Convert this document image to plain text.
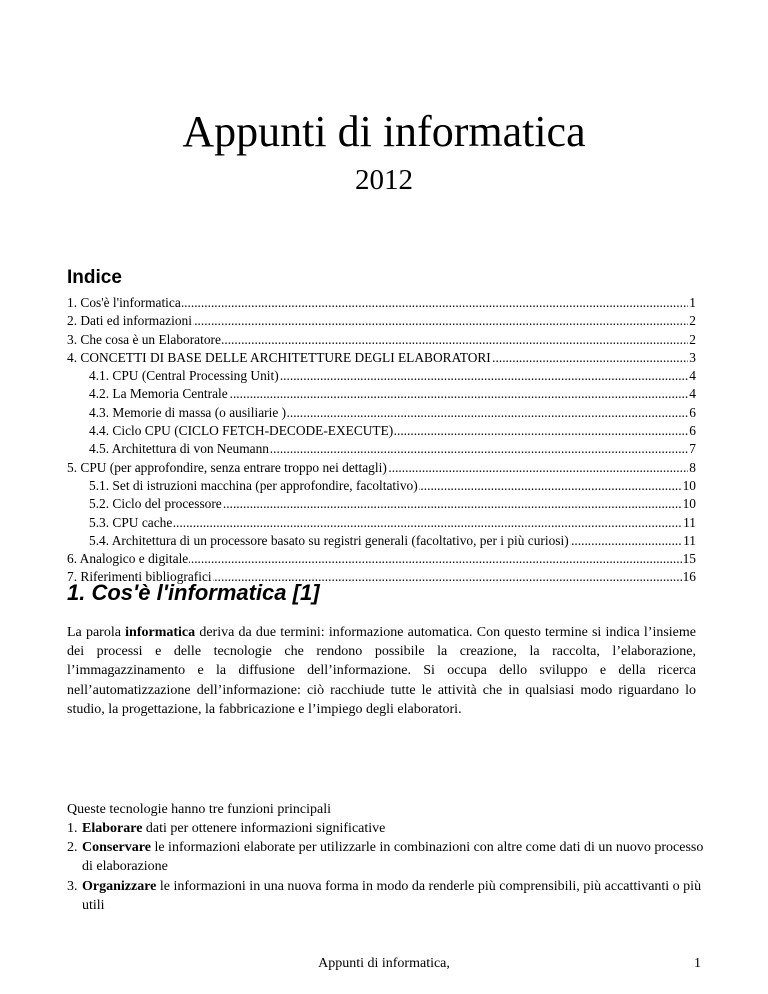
Appunti di informatica
2012
Indice
.....
1. Cos'è l'informatica	1
.....
2. Dati ed informazioni	2
.....
3. Che cosa è un Elaboratore	2
.....
4. CONCETTI DI BASE DELLE ARCHITETTURE DEGLI ELABORATORI	3
.....
4.1. CPU (Central Processing Unit)	4
.....
4.2. La Memoria Centrale	4
.....
4.3. Memorie di massa (o ausiliarie )	6
.....
4.4. Ciclo CPU (CICLO FETCH-DECODE-EXECUTE)	6
.....
4.5. Architettura di von Neumann	7
.....
5. CPU (per approfondire, senza entrare troppo nei dettagli)	8
.....
5.1. Set di istruzioni macchina (per approfondire, facoltativo)	10
.....
5.2. Ciclo del processore	10
.....
5.3. CPU cache	11
.....
5.4. Architettura di un processore basato su registri generali (facoltativo, per i più curiosi)	11
.....
6. Analogico e digitale	15
.....
7. Riferimenti bibliografici	16
1. Cos'è l'informatica [1]

La parola informatica deriva da due termini: informazione automatica. Con questo termine si indica l’insieme dei processi e delle tecnologie che rendono possibile la creazione, la raccolta, l’elaborazione, l’immagazzinamento e la diffusione dell’informazione. Si occupa dello sviluppo e della ricerca nell’automatizzazione dell’informazione: ciò racchiude tutte le attività che in qualsiasi modo riguardano lo studio, la progettazione, la fabbricazione e l’impiego degli elaboratori.

Queste tecnologie hanno tre funzioni principali

1. Elaborare dati per ottenere informazioni significative
2. Conservare le informazioni elaborate per utilizzarle in combinazioni con altre come dati di un nuovo processo di elaborazione
3. Organizzare le informazioni in una nuova forma in modo da renderle più comprensibili, più accattivanti o più utili
Appunti di informatica,	1
